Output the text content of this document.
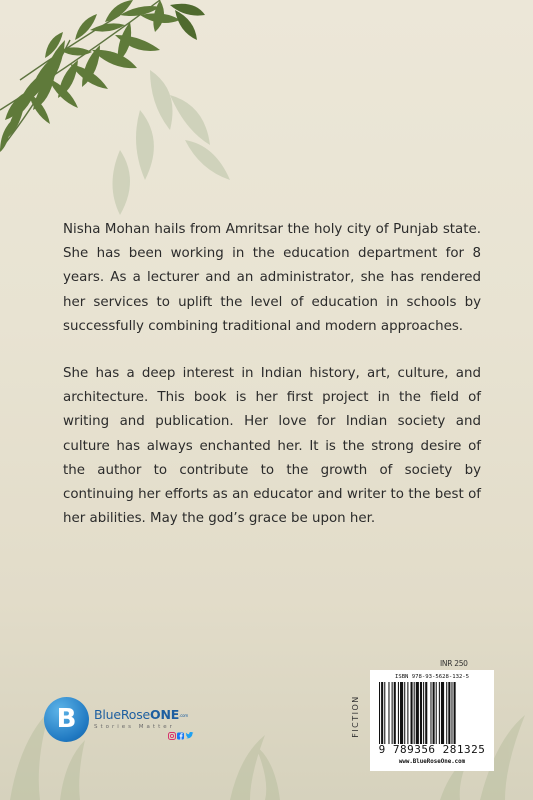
Nisha Mohan hails from Amritsar the holy city of Punjab state. She has been working in the education department for 8 years. As a lecturer and an administrator, she has rendered her services to uplift the level of education in schools by successfully combining traditional and modern approaches.

She has a deep interest in Indian history, art, culture, and architecture. This book is her first project in the field of writing and publication. Her love for Indian society and culture has always enchanted her. It is the strong desire of the author to contribute to the growth of society by continuing her efforts as an educator and writer to the best of her abilities. May the god’s grace be upon her.

B	BlueRoseONE.com
Stories Matter	FICTION
INR 250
ISBN 978-93-5628-132-5
9 789356 281325
www.BlueRoseOne.com
